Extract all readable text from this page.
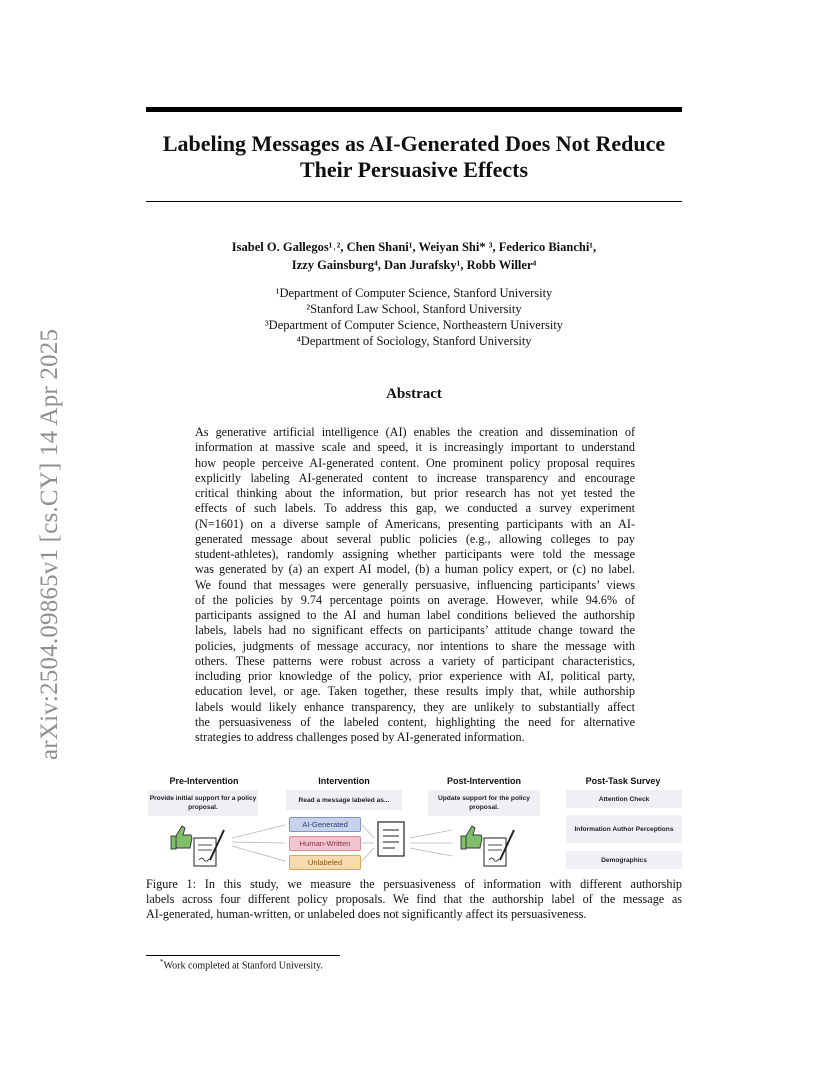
arXiv:2504.09865v1 [cs.CY] 14 Apr 2025
Labeling Messages as AI-Generated Does Not Reduce
Their Persuasive Effects
Isabel O. Gallegos¹˒², Chen Shani¹, Weiyan Shi* ³, Federico Bianchi¹,
Izzy Gainsburg⁴, Dan Jurafsky¹, Robb Willer⁴
¹Department of Computer Science, Stanford University
²Stanford Law School, Stanford University
³Department of Computer Science, Northeastern University
⁴Department of Sociology, Stanford University
Abstract
As generative artificial intelligence (AI) enables the creation and dissemination of
information at massive scale and speed, it is increasingly important to understand
how people perceive AI-generated content. One prominent policy proposal requires
explicitly labeling AI-generated content to increase transparency and encourage
critical thinking about the information, but prior research has not yet tested the
effects of such labels. To address this gap, we conducted a survey experiment
(N=1601) on a diverse sample of Americans, presenting participants with an AI-
generated message about several public policies (e.g., allowing colleges to pay
student-athletes), randomly assigning whether participants were told the message
was generated by (a) an expert AI model, (b) a human policy expert, or (c) no label.
We found that messages were generally persuasive, influencing participants’ views
of the policies by 9.74 percentage points on average. However, while 94.6% of
participants assigned to the AI and human label conditions believed the authorship
labels, labels had no significant effects on participants’ attitude change toward the
policies, judgments of message accuracy, nor intentions to share the message with
others. These patterns were robust across a variety of participant characteristics,
including prior knowledge of the policy, prior experience with AI, political party,
education level, or age. Taken together, these results imply that, while authorship
labels would likely enhance transparency, they are unlikely to substantially affect
the persuasiveness of the labeled content, highlighting the need for alternative
strategies to address challenges posed by AI-generated information.
Pre-Intervention	Intervention	Post-Intervention	Post-Task Survey
Provide initial support for a policy proposal.
Read a message labeled as...	Update support for the policy proposal.
Attention Check
Information Author Perceptions
Demographics
AI-Generated
Human-Written
Unlabeled
Figure 1: In this study, we measure the persuasiveness of information with different authorship
labels across four different policy proposals. We find that the authorship label of the message as
AI-generated, human-written, or unlabeled does not significantly affect its persuasiveness.
*Work completed at Stanford University.
